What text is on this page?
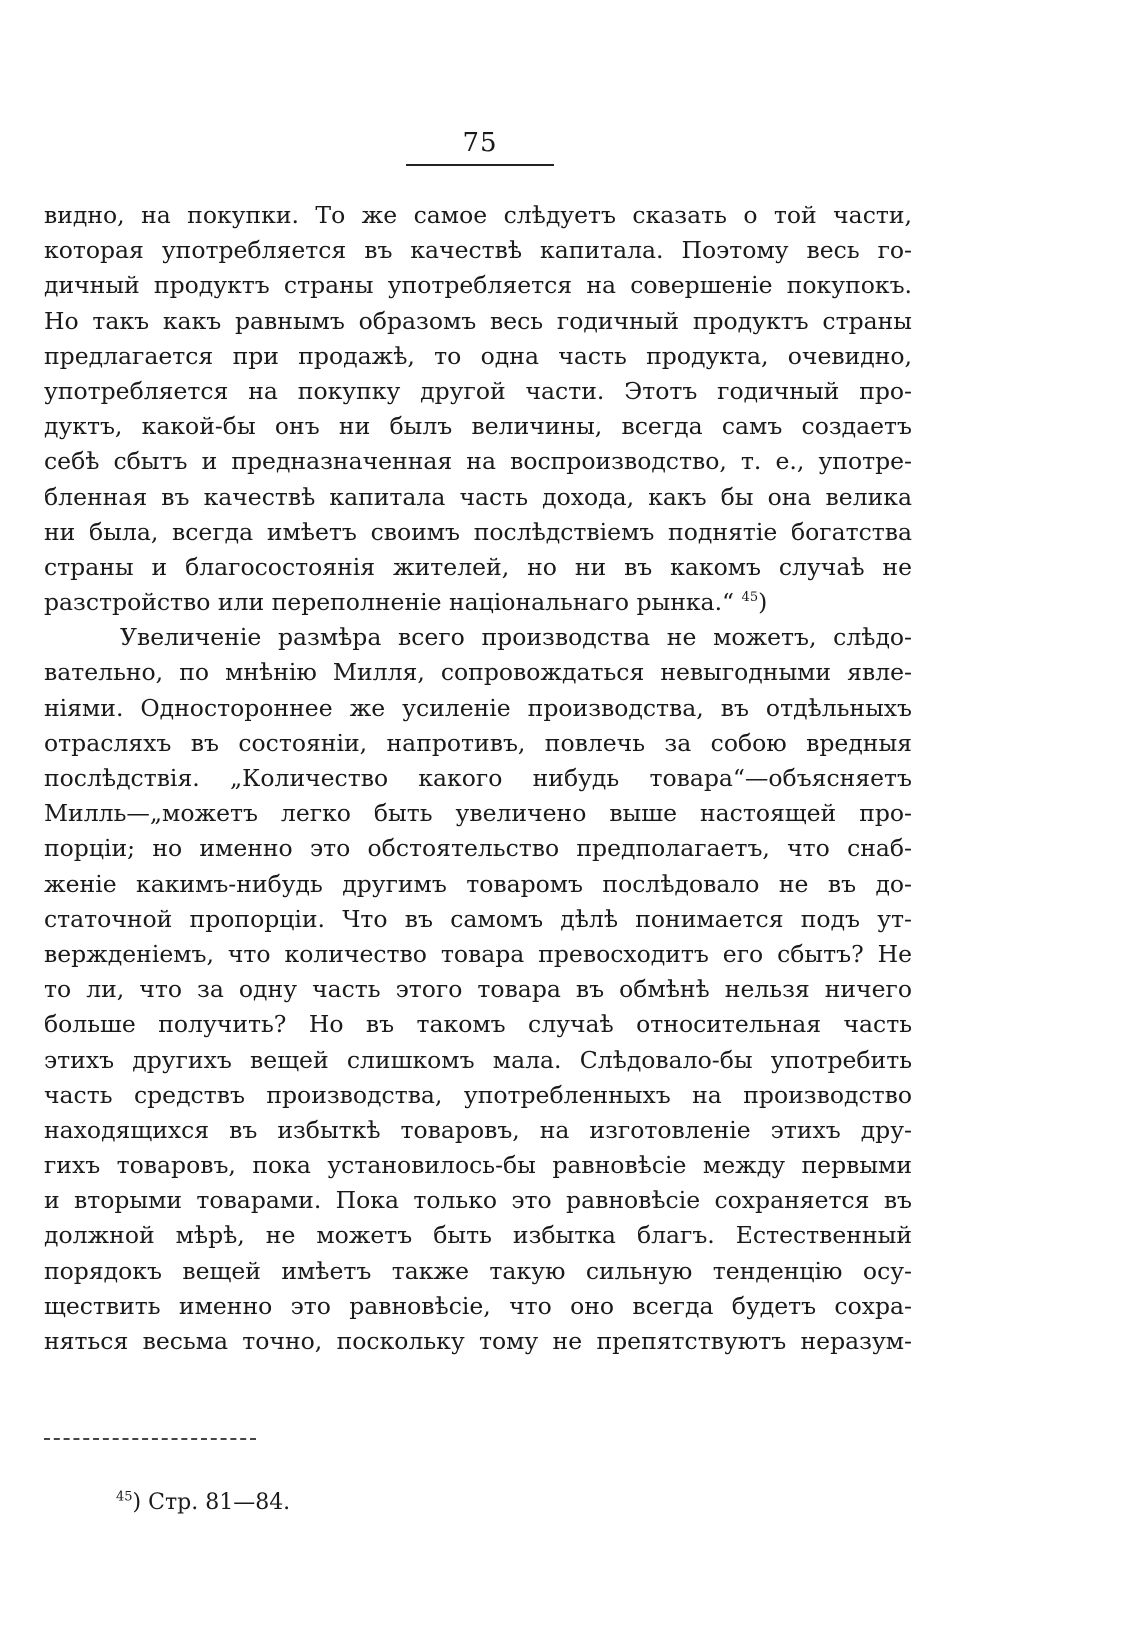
75
видно, на покупки. То же самое слѣдуетъ сказать о той части,
которая употребляется въ качествѣ капитала. Поэтому весь го-
дичный продуктъ страны употребляется на совершеніе покупокъ.
Но такъ какъ равнымъ образомъ весь годичный продуктъ страны
предлагается при продажѣ, то одна часть продукта, очевидно,
употребляется на покупку другой части. Этотъ годичный про-
дуктъ, какой-бы онъ ни былъ величины, всегда самъ создаетъ
себѣ сбытъ и предназначенная на воспроизводство, т. е., употре-
бленная въ качествѣ капитала часть дохода, какъ бы она велика
ни была, всегда имѣетъ своимъ послѣдствіемъ поднятіе богатства
страны и благосостоянія жителей, но ни въ какомъ случаѣ не
разстройство или переполненіе національнаго рынка.“ $^{45}$)
Увеличеніе размѣра всего производства не можетъ, слѣдо-
вательно, по мнѣнію Милля, сопровождаться невыгодными явле-
ніями. Одностороннее же усиленіе производства, въ отдѣльныхъ
отрасляхъ въ состояніи, напротивъ, повлечь за собою вредныя
послѣдствія. „Количество какого нибудь товара“—объясняетъ
Милль—„можетъ легко быть увеличено выше настоящей про-
порціи; но именно это обстоятельство предполагаетъ, что снаб-
женіе какимъ-нибудь другимъ товаромъ послѣдовало не въ до-
статочной пропорціи. Что въ самомъ дѣлѣ понимается подъ ут-
вержденіемъ, что количество товара превосходитъ его сбытъ? Не
то ли, что за одну часть этого товара въ обмѣнѣ нельзя ничего
больше получить? Но въ такомъ случаѣ относительная часть
этихъ другихъ вещей слишкомъ мала. Слѣдовало-бы употребить
часть средствъ производства, употребленныхъ на производство
находящихся въ избыткѣ товаровъ, на изготовленіе этихъ дру-
гихъ товаровъ, пока установилось-бы равновѣсіе между первыми
и вторыми товарами. Пока только это равновѣсіе сохраняется въ
должной мѣрѣ, не можетъ быть избытка благъ. Естественный
порядокъ вещей имѣетъ также такую сильную тенденцію осу-
ществить именно это равновѣсіе, что оно всегда будетъ сохра-
няться весьма точно, поскольку тому не препятствуютъ неразум-
$^{45}$) Стр. 81—84.
